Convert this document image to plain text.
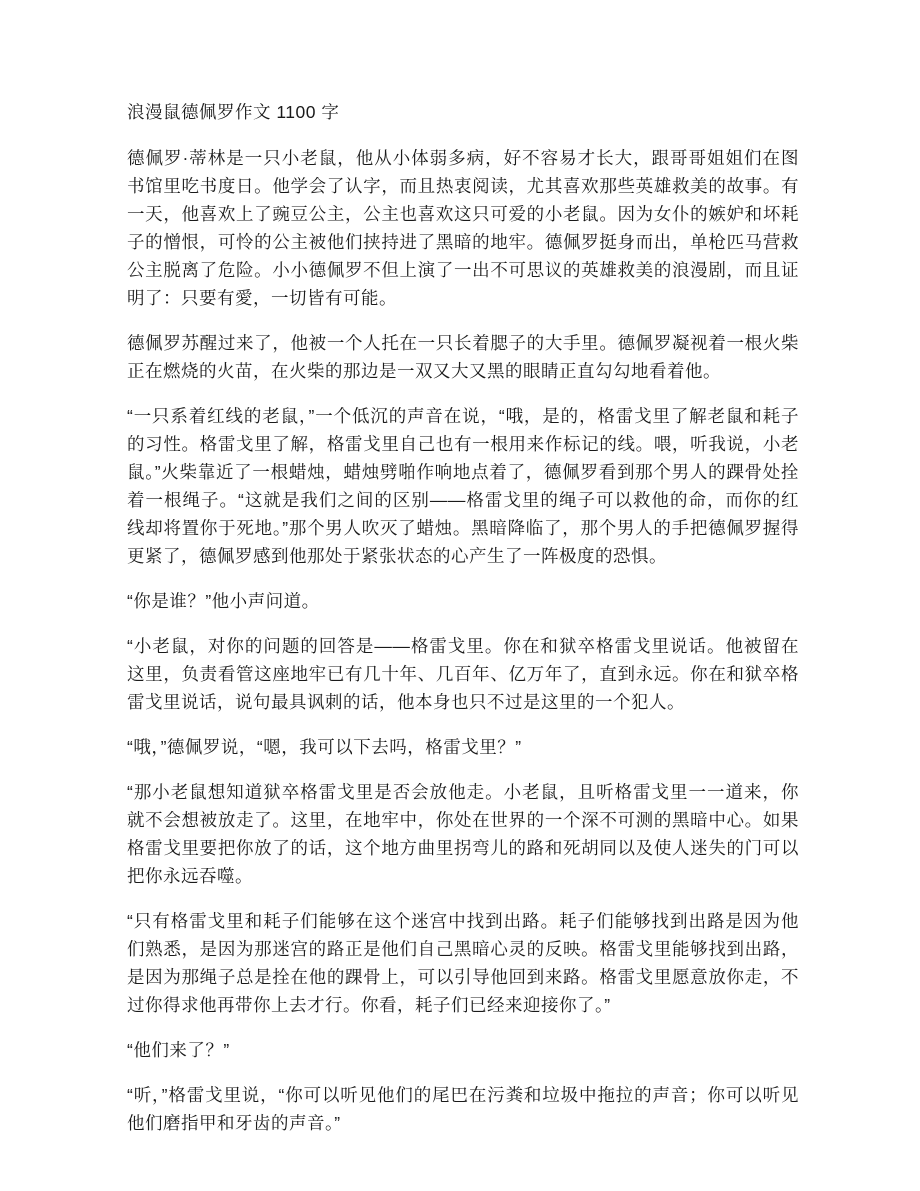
浪漫鼠德佩罗作文 1100 字

德佩罗·蒂林是一只小老鼠，他从小体弱多病，好不容易才长大，跟哥哥姐姐们在图书馆里吃书度日。他学会了认字，而且热衷阅读，尤其喜欢那些英雄救美的故事。有一天，他喜欢上了豌豆公主，公主也喜欢这只可爱的小老鼠。因为女仆的嫉妒和坏耗子的憎恨，可怜的公主被他们挟持进了黑暗的地牢。德佩罗挺身而出，单枪匹马营救公主脱离了危险。小小德佩罗不但上演了一出不可思议的英雄救美的浪漫剧，而且证明了：只要有愛，一切皆有可能。

德佩罗苏醒过来了，他被一个人托在一只长着腮子的大手里。德佩罗凝视着一根火柴正在燃烧的火苗，在火柴的那边是一双又大又黑的眼睛正直勾勾地看着他。

“一只系着红线的老鼠，”一个低沉的声音在说，“哦，是的，格雷戈里了解老鼠和耗子的习性。格雷戈里了解，格雷戈里自己也有一根用来作标记的线。喂，听我说，小老鼠。”火柴靠近了一根蜡烛，蜡烛劈啪作响地点着了，德佩罗看到那个男人的踝骨处拴着一根绳子。“这就是我们之间的区别——格雷戈里的绳子可以救他的命，而你的红线却将置你于死地。”那个男人吹灭了蜡烛。黑暗降临了，那个男人的手把德佩罗握得更紧了，德佩罗感到他那处于紧张状态的心产生了一阵极度的恐惧。

“你是谁？”他小声问道。

“小老鼠，对你的问题的回答是——格雷戈里。你在和狱卒格雷戈里说话。他被留在这里，负责看管这座地牢已有几十年、几百年、亿万年了，直到永远。你在和狱卒格雷戈里说话，说句最具讽刺的话，他本身也只不过是这里的一个犯人。

“哦，”德佩罗说，“嗯，我可以下去吗，格雷戈里？”

“那小老鼠想知道狱卒格雷戈里是否会放他走。小老鼠，且听格雷戈里一一道来，你就不会想被放走了。这里，在地牢中，你处在世界的一个深不可测的黑暗中心。如果格雷戈里要把你放了的话，这个地方曲里拐弯儿的路和死胡同以及使人迷失的门可以把你永远吞噬。

“只有格雷戈里和耗子们能够在这个迷宫中找到出路。耗子们能够找到出路是因为他们熟悉，是因为那迷宫的路正是他们自己黑暗心灵的反映。格雷戈里能够找到出路，是因为那绳子总是拴在他的踝骨上，可以引导他回到来路。格雷戈里愿意放你走，不过你得求他再带你上去才行。你看，耗子们已经来迎接你了。”

“他们来了？”

“听，”格雷戈里说，“你可以听见他们的尾巴在污粪和垃圾中拖拉的声音；你可以听见他们磨指甲和牙齿的声音。”
